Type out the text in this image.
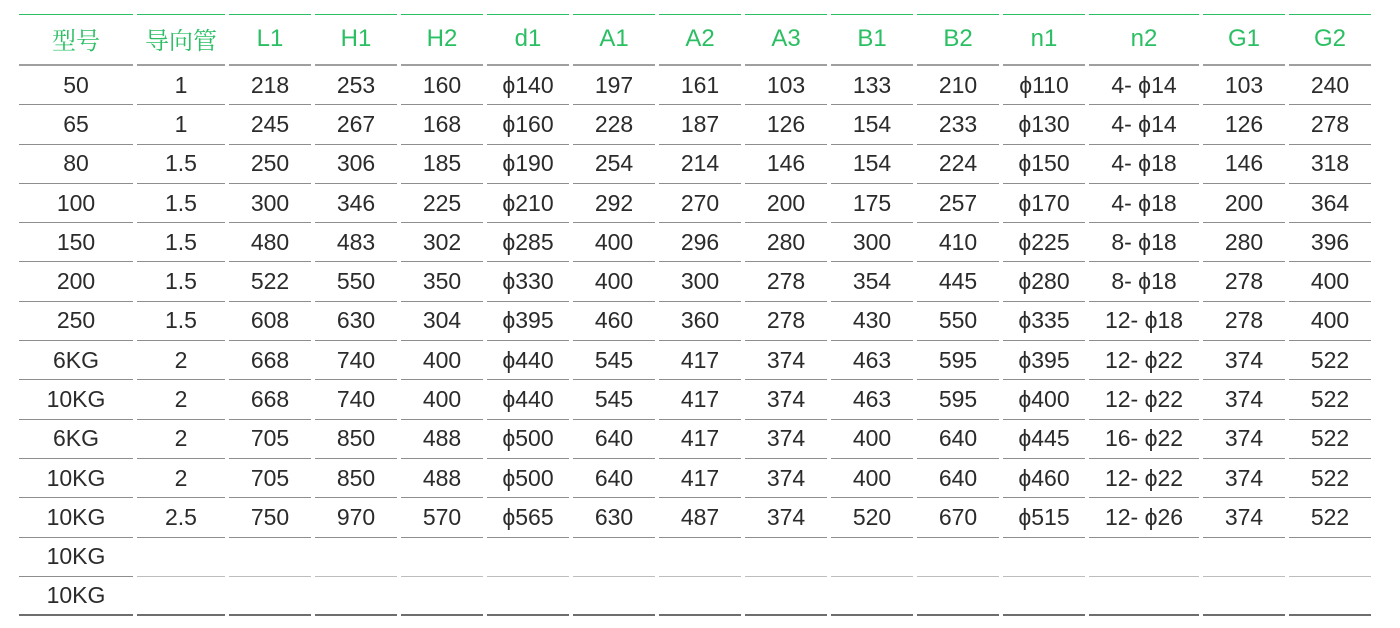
型号	导向管	L1	H1	H2	d1	A1	A2	A3	B1	B2	n1	n2	G1	G2
50	1	218	253	160	ϕ140	197	161	103	133	210	ϕ110	4- ϕ14	103	240
65	1	245	267	168	ϕ160	228	187	126	154	233	ϕ130	4- ϕ14	126	278
80	1.5	250	306	185	ϕ190	254	214	146	154	224	ϕ150	4- ϕ18	146	318
100	1.5	300	346	225	ϕ210	292	270	200	175	257	ϕ170	4- ϕ18	200	364
150	1.5	480	483	302	ϕ285	400	296	280	300	410	ϕ225	8- ϕ18	280	396
200	1.5	522	550	350	ϕ330	400	300	278	354	445	ϕ280	8- ϕ18	278	400
250	1.5	608	630	304	ϕ395	460	360	278	430	550	ϕ335	12- ϕ18	278	400
6KG	2	668	740	400	ϕ440	545	417	374	463	595	ϕ395	12- ϕ22	374	522
10KG	2	668	740	400	ϕ440	545	417	374	463	595	ϕ400	12- ϕ22	374	522
6KG	2	705	850	488	ϕ500	640	417	374	400	640	ϕ445	16- ϕ22	374	522
10KG	2	705	850	488	ϕ500	640	417	374	400	640	ϕ460	12- ϕ22	374	522
10KG	2.5	750	970	570	ϕ565	630	487	374	520	670	ϕ515	12- ϕ26	374	522
10KG
10KG
